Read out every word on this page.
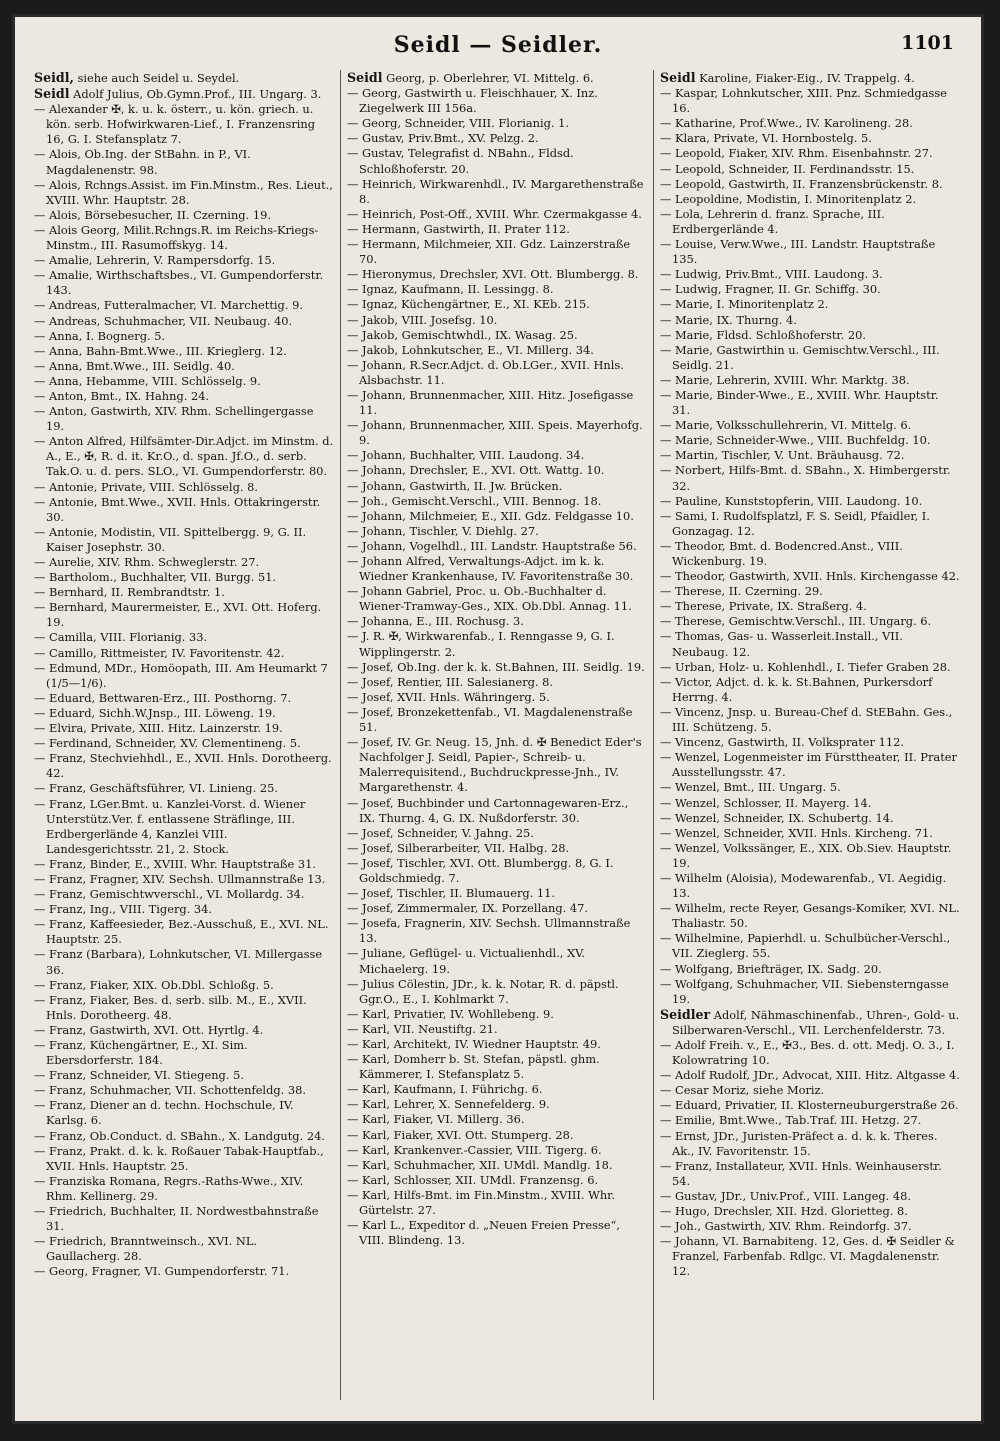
Seidl — Seidler.	1101

Seidl, siehe auch Seidel u. Seydel.

Seidl Adolf Julius, Ob.Gymn.Prof., III. Ungarg. 3.

— Alexander ✠, k. u. k. österr., u. kön. griech. u. kön. serb. Hofwirkwaren-Lief., I. Franzensring 16, G. I. Stefansplatz 7.

— Alois, Ob.Ing. der StBahn. in P., VI. Magdalenenstr. 98.

— Alois, Rchngs.Assist. im Fin.Minstm., Res. Lieut., XVIII. Whr. Hauptstr. 28.

— Alois, Börsebesucher, II. Czerning. 19.

— Alois Georg, Milit.Rchngs.R. im Reichs-Kriegs-Minstm., III. Rasumoffskyg. 14.

— Amalie, Lehrerin, V. Rampersdorfg. 15.

— Amalie, Wirthschaftsbes., VI. Gumpendorferstr. 143.

— Andreas, Futteralmacher, VI. Marchettig. 9.

— Andreas, Schuhmacher, VII. Neubaug. 40.

— Anna, I. Bognerg. 5.

— Anna, Bahn-Bmt.Wwe., III. Krieglerg. 12.

— Anna, Bmt.Wwe., III. Seidlg. 40.

— Anna, Hebamme, VIII. Schlösselg. 9.

— Anton, Bmt., IX. Hahng. 24.

— Anton, Gastwirth, XIV. Rhm. Schellingergasse 19.

— Anton Alfred, Hilfsämter-Dir.Adjct. im Minstm. d. A., E., ✠, R. d. it. Kr.O., d. span. Jf.O., d. serb. Tak.O. u. d. pers. SLO., VI. Gumpendorferstr. 80.

— Antonie, Private, VIII. Schlösselg. 8.

— Antonie, Bmt.Wwe., XVII. Hnls. Ottakringerstr. 30.

— Antonie, Modistin, VII. Spittelbergg. 9, G. II. Kaiser Josephstr. 30.

— Aurelie, XIV. Rhm. Schweglerstr. 27.

— Bartholom., Buchhalter, VII. Burgg. 51.

— Bernhard, II. Rembrandtstr. 1.

— Bernhard, Maurermeister, E., XVI. Ott. Hoferg. 19.

— Camilla, VIII. Florianig. 33.

— Camillo, Rittmeister, IV. Favoritenstr. 42.

— Edmund, MDr., Homöopath, III. Am Heumarkt 7 (1/5—1/6).

— Eduard, Bettwaren-Erz., III. Posthorng. 7.

— Eduard, Sichh.W.Jnsp., III. Löweng. 19.

— Elvira, Private, XIII. Hitz. Lainzerstr. 19.

— Ferdinand, Schneider, XV. Clementineng. 5.

— Franz, Stechviehhdl., E., XVII. Hnls. Dorotheerg. 42.

— Franz, Geschäftsführer, VI. Linieng. 25.

— Franz, LGer.Bmt. u. Kanzlei-Vorst. d. Wiener Unterstütz.Ver. f. entlassene Sträflinge, III. Erdbergerlände 4, Kanzlei VIII. Landesgerichtsstr. 21, 2. Stock.

— Franz, Binder, E., XVIII. Whr. Hauptstraße 31.

— Franz, Fragner, XIV. Sechsh. Ullmannstraße 13.

— Franz, Gemischtwverschl., VI. Mollardg. 34.

— Franz, Ing., VIII. Tigerg. 34.

— Franz, Kaffeesieder, Bez.-Ausschuß, E., XVI. NL. Hauptstr. 25.

— Franz (Barbara), Lohnkutscher, VI. Millergasse 36.

— Franz, Fiaker, XIX. Ob.Dbl. Schloßg. 5.

— Franz, Fiaker, Bes. d. serb. silb. M., E., XVII. Hnls. Dorotheerg. 48.

— Franz, Gastwirth, XVI. Ott. Hyrtlg. 4.

— Franz, Küchengärtner, E., XI. Sim. Ebersdorferstr. 184.

— Franz, Schneider, VI. Stiegeng. 5.

— Franz, Schuhmacher, VII. Schottenfeldg. 38.

— Franz, Diener an d. techn. Hochschule, IV. Karlsg. 6.

— Franz, Ob.Conduct. d. SBahn., X. Landgutg. 24.

— Franz, Prakt. d. k. k. Roßauer Tabak-Hauptfab., XVII. Hnls. Hauptstr. 25.

— Franziska Romana, Regrs.-Raths-Wwe., XIV. Rhm. Kellinerg. 29.

— Friedrich, Buchhalter, II. Nordwestbahnstraße 31.

— Friedrich, Branntweinsch., XVI. NL. Gaullacherg. 28.

— Georg, Fragner, VI. Gumpendorferstr. 71.

Seidl Georg, p. Oberlehrer, VI. Mittelg. 6.

— Georg, Gastwirth u. Fleischhauer, X. Inz. Ziegelwerk III 156a.

— Georg, Schneider, VIII. Florianig. 1.

— Gustav, Priv.Bmt., XV. Pelzg. 2.

— Gustav, Telegrafist d. NBahn., Fldsd. Schloßhoferstr. 20.

— Heinrich, Wirkwarenhdl., IV. Margarethenstraße 8.

— Heinrich, Post-Off., XVIII. Whr. Czermakgasse 4.

— Hermann, Gastwirth, II. Prater 112.

— Hermann, Milchmeier, XII. Gdz. Lainzerstraße 70.

— Hieronymus, Drechsler, XVI. Ott. Blumbergg. 8.

— Ignaz, Kaufmann, II. Lessingg. 8.

— Ignaz, Küchengärtner, E., XI. KEb. 215.

— Jakob, VIII. Josefsg. 10.

— Jakob, Gemischtwhdl., IX. Wasag. 25.

— Jakob, Lohnkutscher, E., VI. Millerg. 34.

— Johann, R.Secr.Adjct. d. Ob.LGer., XVII. Hnls. Alsbachstr. 11.

— Johann, Brunnenmacher, XIII. Hitz. Josefigasse 11.

— Johann, Brunnenmacher, XIII. Speis. Mayerhofg. 9.

— Johann, Buchhalter, VIII. Laudong. 34.

— Johann, Drechsler, E., XVI. Ott. Wattg. 10.

— Johann, Gastwirth, II. Jw. Brücken.

— Joh., Gemischt.Verschl., VIII. Bennog. 18.

— Johann, Milchmeier, E., XII. Gdz. Feldgasse 10.

— Johann, Tischler, V. Diehlg. 27.

— Johann, Vogelhdl., III. Landstr. Hauptstraße 56.

— Johann Alfred, Verwaltungs-Adjct. im k. k. Wiedner Krankenhause, IV. Favoritenstraße 30.

— Johann Gabriel, Proc. u. Ob.-Buchhalter d. Wiener-Tramway-Ges., XIX. Ob.Dbl. Annag. 11.

— Johanna, E., III. Rochusg. 3.

— J. R. ✠, Wirkwarenfab., I. Renngasse 9, G. I. Wipplingerstr. 2.

— Josef, Ob.Ing. der k. k. St.Bahnen, III. Seidlg. 19.

— Josef, Rentier, III. Salesianerg. 8.

— Josef, XVII. Hnls. Währingerg. 5.

— Josef, Bronzekettenfab., VI. Magdalenenstraße 51.

— Josef, IV. Gr. Neug. 15, Jnh. d. ✠ Benedict Eder's Nachfolger J. Seidl, Papier-, Schreib- u. Malerrequisitend., Buchdruckpresse-Jnh., IV. Margarethenstr. 4.

— Josef, Buchbinder und Cartonnagewaren-Erz., IX. Thurng. 4, G. IX. Nußdorferstr. 30.

— Josef, Schneider, V. Jahng. 25.

— Josef, Silberarbeiter, VII. Halbg. 28.

— Josef, Tischler, XVI. Ott. Blumbergg. 8, G. I. Goldschmiedg. 7.

— Josef, Tischler, II. Blumauerg. 11.

— Josef, Zimmermaler, IX. Porzellang. 47.

— Josefa, Fragnerin, XIV. Sechsh. Ullmannstraße 13.

— Juliane, Geflügel- u. Victualienhdl., XV. Michaelerg. 19.

— Julius Cölestin, JDr., k. k. Notar, R. d. päpstl. Ggr.O., E., I. Kohlmarkt 7.

— Karl, Privatier, IV. Wohllebeng. 9.

— Karl, VII. Neustiftg. 21.

— Karl, Architekt, IV. Wiedner Hauptstr. 49.

— Karl, Domherr b. St. Stefan, päpstl. ghm. Kämmerer, I. Stefansplatz 5.

— Karl, Kaufmann, I. Führichg. 6.

— Karl, Lehrer, X. Sennefelderg. 9.

— Karl, Fiaker, VI. Millerg. 36.

— Karl, Fiaker, XVI. Ott. Stumperg. 28.

— Karl, Krankenver.-Cassier, VIII. Tigerg. 6.

— Karl, Schuhmacher, XII. UMdl. Mandlg. 18.

— Karl, Schlosser, XII. UMdl. Franzensg. 6.

— Karl, Hilfs-Bmt. im Fin.Minstm., XVIII. Whr. Gürtelstr. 27.

— Karl L., Expeditor d. „Neuen Freien Presse“, VIII. Blindeng. 13.

Seidl Karoline, Fiaker-Eig., IV. Trappelg. 4.

— Kaspar, Lohnkutscher, XIII. Pnz. Schmiedgasse 16.

— Katharine, Prof.Wwe., IV. Karolineng. 28.

— Klara, Private, VI. Hornbostelg. 5.

— Leopold, Fiaker, XIV. Rhm. Eisenbahnstr. 27.

— Leopold, Schneider, II. Ferdinandsstr. 15.

— Leopold, Gastwirth, II. Franzensbrückenstr. 8.

— Leopoldine, Modistin, I. Minoritenplatz 2.

— Lola, Lehrerin d. franz. Sprache, III. Erdbergerlände 4.

— Louise, Verw.Wwe., III. Landstr. Hauptstraße 135.

— Ludwig, Priv.Bmt., VIII. Laudong. 3.

— Ludwig, Fragner, II. Gr. Schiffg. 30.

— Marie, I. Minoritenplatz 2.

— Marie, IX. Thurng. 4.

— Marie, Fldsd. Schloßhoferstr. 20.

— Marie, Gastwirthin u. Gemischtw.Verschl., III. Seidlg. 21.

— Marie, Lehrerin, XVIII. Whr. Marktg. 38.

— Marie, Binder-Wwe., E., XVIII. Whr. Hauptstr. 31.

— Marie, Volksschullehrerin, VI. Mittelg. 6.

— Marie, Schneider-Wwe., VIII. Buchfeldg. 10.

— Martin, Tischler, V. Unt. Bräuhausg. 72.

— Norbert, Hilfs-Bmt. d. SBahn., X. Himbergerstr. 32.

— Pauline, Kunststopferin, VIII. Laudong. 10.

— Sami, I. Rudolfsplatzl, F. S. Seidl, Pfaidler, I. Gonzagag. 12.

— Theodor, Bmt. d. Bodencred.Anst., VIII. Wickenburg. 19.

— Theodor, Gastwirth, XVII. Hnls. Kirchengasse 42.

— Therese, II. Czerning. 29.

— Therese, Private, IX. Straßerg. 4.

— Therese, Gemischtw.Verschl., III. Ungarg. 6.

— Thomas, Gas- u. Wasserleit.Install., VII. Neubaug. 12.

— Urban, Holz- u. Kohlenhdl., I. Tiefer Graben 28.

— Victor, Adjct. d. k. k. St.Bahnen, Purkersdorf Herrng. 4.

— Vincenz, Jnsp. u. Bureau-Chef d. StEBahn. Ges., III. Schützeng. 5.

— Vincenz, Gastwirth, II. Volksprater 112.

— Wenzel, Logenmeister im Fürsttheater, II. Prater Ausstellungsstr. 47.

— Wenzel, Bmt., III. Ungarg. 5.

— Wenzel, Schlosser, II. Mayerg. 14.

— Wenzel, Schneider, IX. Schubertg. 14.

— Wenzel, Schneider, XVII. Hnls. Kircheng. 71.

— Wenzel, Volkssänger, E., XIX. Ob.Siev. Hauptstr. 19.

— Wilhelm (Aloisia), Modewarenfab., VI. Aegidig. 13.

— Wilhelm, recte Reyer, Gesangs-Komiker, XVI. NL. Thaliastr. 50.

— Wilhelmine, Papierhdl. u. Schulbücher-Verschl., VII. Zieglerg. 55.

— Wolfgang, Briefträger, IX. Sadg. 20.

— Wolfgang, Schuhmacher, VII. Siebensterngasse 19.

Seidler Adolf, Nähmaschinenfab., Uhren-, Gold- u. Silberwaren-Verschl., VII. Lerchenfelderstr. 73.

— Adolf Freih. v., E., ✠3., Bes. d. ott. Medj. O. 3., I. Kolowratring 10.

— Adolf Rudolf, JDr., Advocat, XIII. Hitz. Altgasse 4.

— Cesar Moriz, siehe Moriz.

— Eduard, Privatier, II. Klosterneuburgerstraße 26.

— Emilie, Bmt.Wwe., Tab.Traf. III. Hetzg. 27.

— Ernst, JDr., Juristen-Präfect a. d. k. k. Theres. Ak., IV. Favoritenstr. 15.

— Franz, Installateur, XVII. Hnls. Weinhauserstr. 54.

— Gustav, JDr., Univ.Prof., VIII. Langeg. 48.

— Hugo, Drechsler, XII. Hzd. Glorietteg. 8.

— Joh., Gastwirth, XIV. Rhm. Reindorfg. 37.

— Johann, VI. Barnabiteng. 12, Ges. d. ✠ Seidler & Franzel, Farbenfab. Rdlgc. VI. Magdalenenstr. 12.
